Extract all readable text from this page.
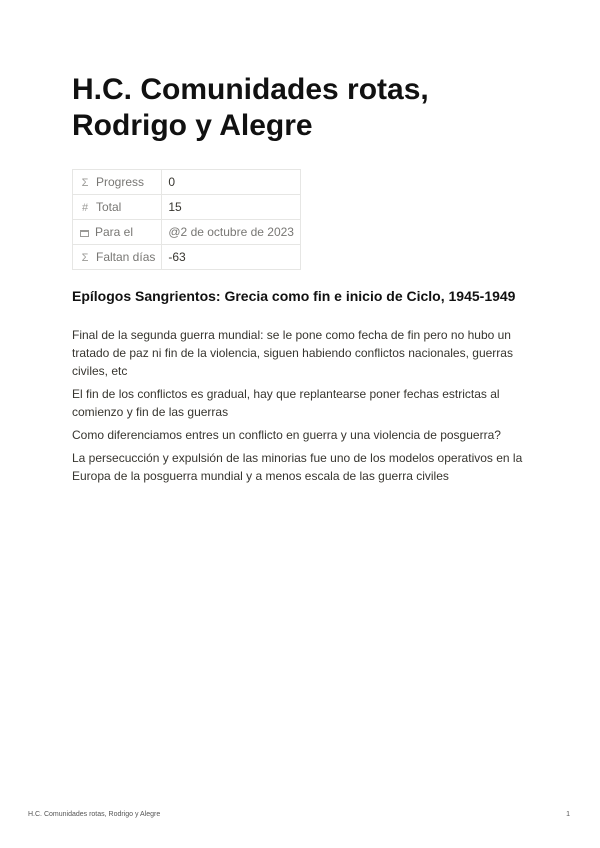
H.C. Comunidades rotas, Rodrigo y Alegre
Σ Progress	0
# Total	15
Para el	@2 de octubre de 2023
Σ Faltan días	-63
Epílogos Sangrientos: Grecia como fin e inicio de Ciclo, 1945-1949

Final de la segunda guerra mundial: se le pone como fecha de fin pero no hubo un tratado de paz ni fin de la violencia, siguen habiendo conflictos nacionales, guerras civiles, etc

El fin de los conflictos es gradual, hay que replantearse poner fechas estrictas al comienzo y fin de las guerras

Como diferenciamos entres un conflicto en guerra y una violencia de posguerra?

La persecucción y expulsión de las minorias fue uno de los modelos operativos en la Europa de la posguerra mundial y a menos escala de las guerra civiles

H.C. Comunidades rotas, Rodrigo y Alegre	1
